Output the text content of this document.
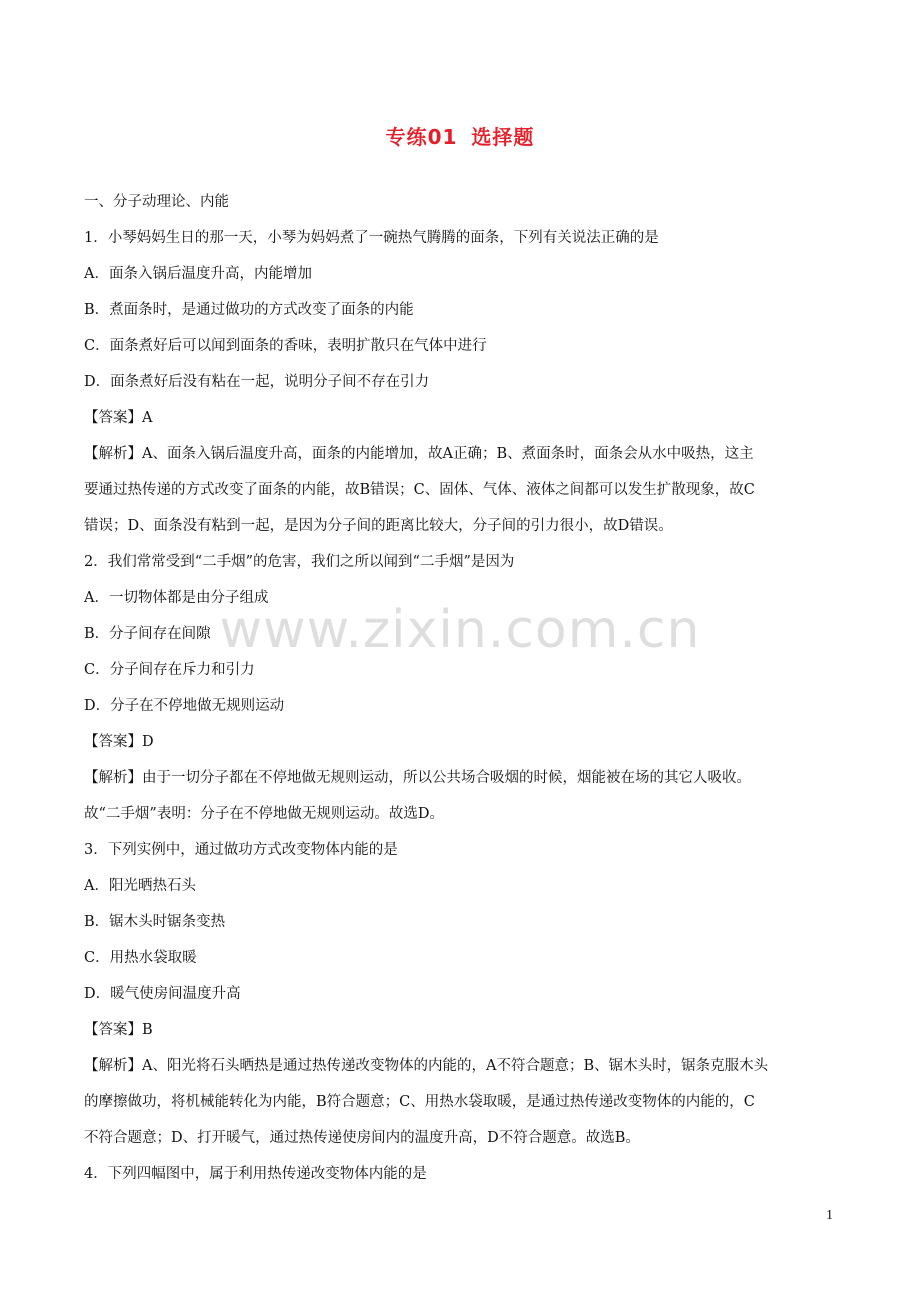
专练01 选择题
一、分子动理论、内能
1．小琴妈妈生日的那一天，小琴为妈妈煮了一碗热气腾腾的面条，下列有关说法正确的是
A．面条入锅后温度升高，内能增加
B．煮面条时，是通过做功的方式改变了面条的内能
C．面条煮好后可以闻到面条的香味，表明扩散只在气体中进行
D．面条煮好后没有粘在一起，说明分子间不存在引力
【答案】A
【解析】A、面条入锅后温度升高，面条的内能增加，故A正确；B、煮面条时，面条会从水中吸热，这主
要通过热传递的方式改变了面条的内能，故B错误；C、固体、气体、液体之间都可以发生扩散现象，故C
错误；D、面条没有粘到一起，是因为分子间的距离比较大，分子间的引力很小，故D错误。
2．我们常常受到“二手烟”的危害，我们之所以闻到“二手烟”是因为
A．一切物体都是由分子组成
B．分子间存在间隙
C．分子间存在斥力和引力
D．分子在不停地做无规则运动
【答案】D
【解析】由于一切分子都在不停地做无规则运动，所以公共场合吸烟的时候，烟能被在场的其它人吸收。
故“二手烟”表明：分子在不停地做无规则运动。故选D。
3．下列实例中，通过做功方式改变物体内能的是
A．阳光晒热石头
B．锯木头时锯条变热
C．用热水袋取暖
D．暖气使房间温度升高
【答案】B
【解析】A、阳光将石头晒热是通过热传递改变物体的内能的，A不符合题意；B、锯木头时，锯条克服木头
的摩擦做功，将机械能转化为内能，B符合题意；C、用热水袋取暖，是通过热传递改变物体的内能的，C
不符合题意；D、打开暖气，通过热传递使房间内的温度升高，D不符合题意。故选B。
4．下列四幅图中，属于利用热传递改变物体内能的是
www.zixin.com.cn
1
